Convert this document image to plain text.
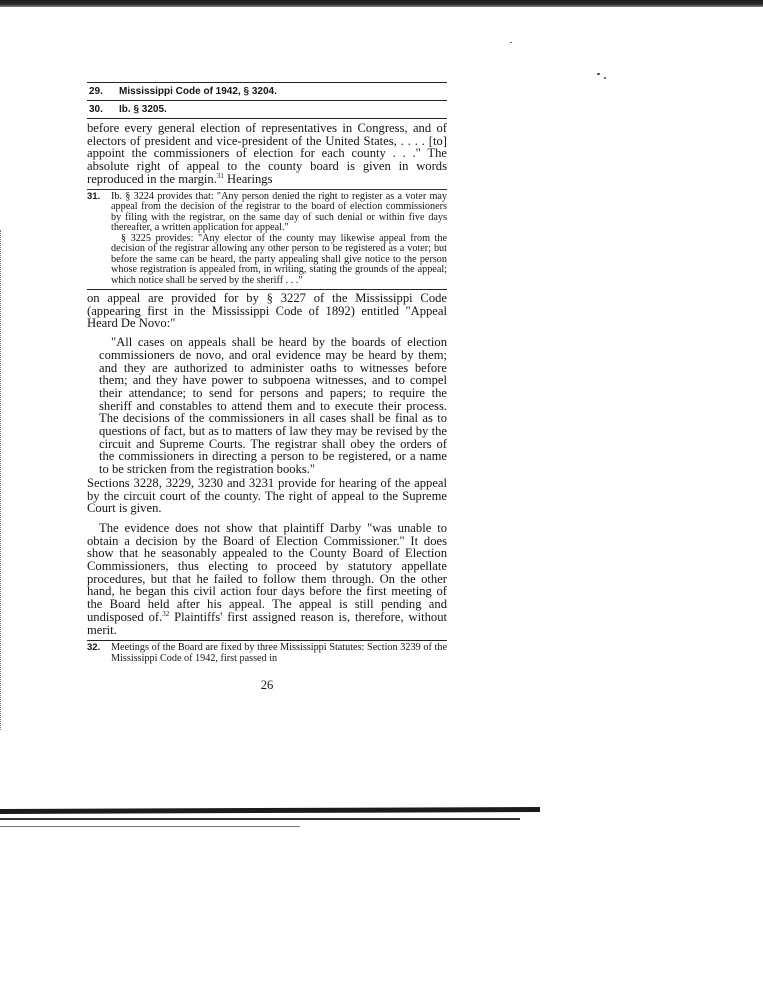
29. Mississippi Code of 1942, § 3204.
30. Ib. § 3205.

before every general election of representatives in Congress, and of electors of president and vice-president of the United States, . . . . [to] appoint the commissioners of election for each county . . ." The absolute right of appeal to the county board is given in words reproduced in the margin.$^{31}$ Hearings

31.	Ib. § 3224 provides that: "Any person denied the right to register as a voter may appeal from the decision of the registrar to the board of election commissioners by filing with the registrar, on the same day of such denial or within five days thereafter, a written application for appeal."
§ 3225 provides: "Any elector of the county may likewise appeal from the decision of the registrar allowing any other person to be registered as a voter; but before the same can be heard, the party appealing shall give notice to the person whose registration is appealed from, in writing, stating the grounds of the appeal; which notice shall be served by the sheriff . . ."

on appeal are provided for by § 3227 of the Mississippi Code (appearing first in the Mississippi Code of 1892) entitled "Appeal Heard De Novo:"

"All cases on appeals shall be heard by the boards of election commissioners de novo, and oral evidence may be heard by them; and they are authorized to administer oaths to witnesses before them; and they have power to subpoena witnesses, and to compel their attendance; to send for persons and papers; to require the sheriff and constables to attend them and to execute their process. The decisions of the commissioners in all cases shall be final as to questions of fact, but as to matters of law they may be revised by the circuit and Supreme Courts. The registrar shall obey the orders of the commissioners in directing a person to be registered, or a name to be stricken from the registration books."

Sections 3228, 3229, 3230 and 3231 provide for hearing of the appeal by the circuit court of the county. The right of appeal to the Supreme Court is given.

The evidence does not show that plaintiff Darby "was unable to obtain a decision by the Board of Election Commissioner." It does show that he seasonably appealed to the County Board of Election Commissioners, thus electing to proceed by statutory appellate procedures, but that he failed to follow them through. On the other hand, he began this civil action four days before the first meeting of the Board held after his appeal. The appeal is still pending and undisposed of.$^{32}$ Plaintiffs' first assigned reason is, therefore, without merit.

32.	Meetings of the Board are fixed by three Mississippi Statutes: Section 3239 of the Mississippi Code of 1942, first passed in
26
